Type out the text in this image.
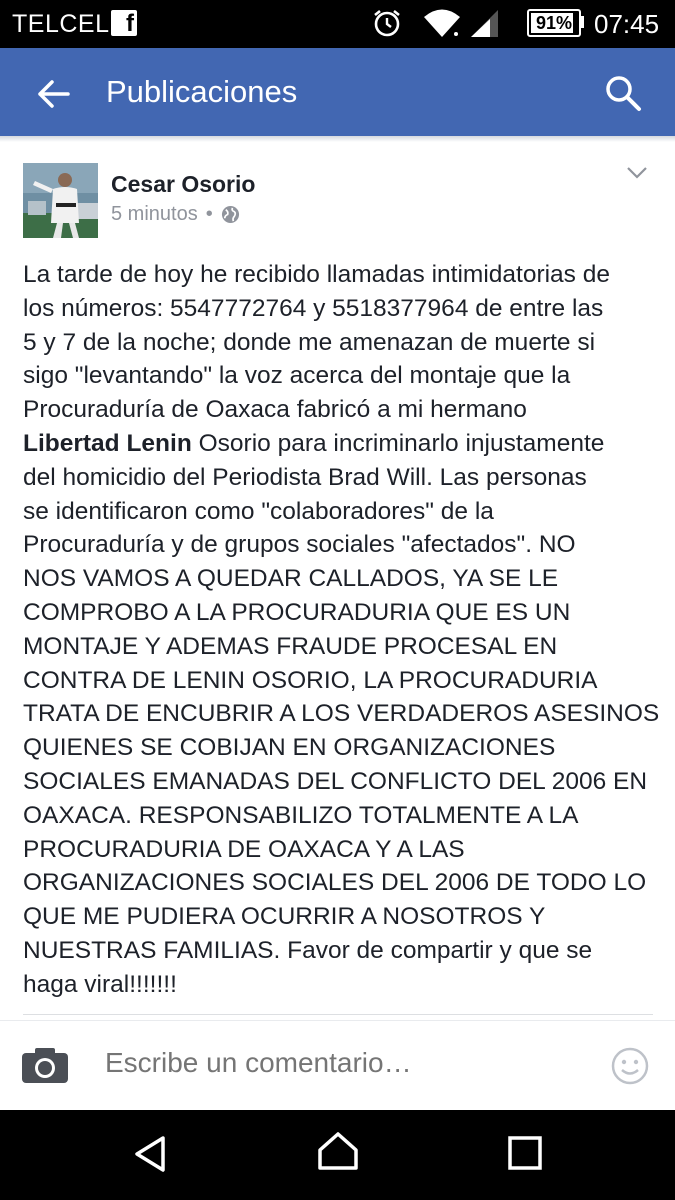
TELCEL f	91% 07:45
Publicaciones
Cesar Osorio
5 minutos •
La tarde de hoy he recibido llamadas intimidatorias de
los números: 5547772764 y 5518377964 de entre las
5 y 7 de la noche; donde me amenazan de muerte si
sigo "levantando" la voz acerca del montaje que la
Procuraduría de Oaxaca fabricó a mi hermano
Libertad Lenin Osorio para incriminarlo injustamente
del homicidio del Periodista Brad Will. Las personas
se identificaron como "colaboradores" de la
Procuraduría y de grupos sociales "afectados". NO
NOS VAMOS A QUEDAR CALLADOS, YA SE LE
COMPROBO A LA PROCURADURIA QUE ES UN
MONTAJE Y ADEMAS FRAUDE PROCESAL EN
CONTRA DE LENIN OSORIO, LA PROCURADURIA
TRATA DE ENCUBRIR A LOS VERDADEROS ASESINOS
QUIENES SE COBIJAN EN ORGANIZACIONES
SOCIALES EMANADAS DEL CONFLICTO DEL 2006 EN
OAXACA. RESPONSABILIZO TOTALMENTE A LA
PROCURADURIA DE OAXACA Y A LAS
ORGANIZACIONES SOCIALES DEL 2006 DE TODO LO
QUE ME PUDIERA OCURRIR A NOSOTROS Y
NUESTRAS FAMILIAS. Favor de compartir y que se
haga viral!!!!!!!
Escribe un comentario…
